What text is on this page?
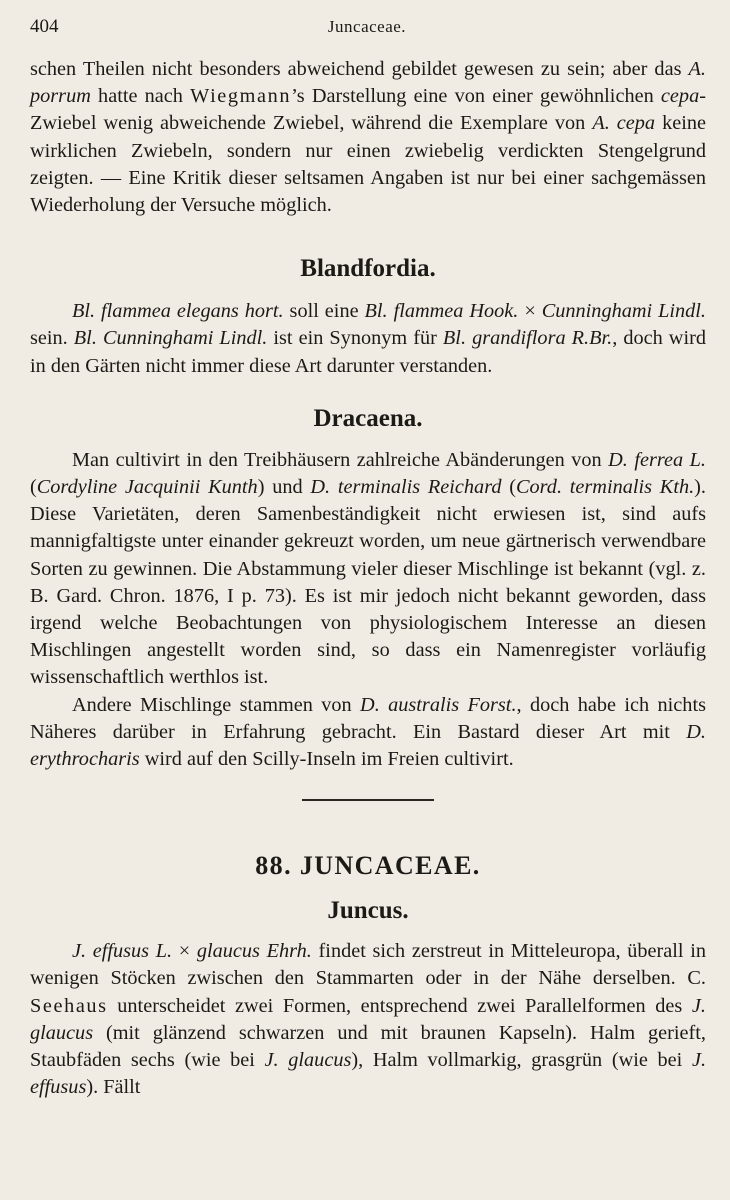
404	Juncaceae.

schen Theilen nicht besonders abweichend gebildet gewesen zu sein; aber das A. porrum hatte nach Wiegmann’s Darstellung eine von einer gewöhnlichen cepa-Zwiebel wenig abweichende Zwiebel, während die Exemplare von A. cepa keine wirklichen Zwiebeln, sondern nur einen zwiebelig verdickten Stengelgrund zeigten. — Eine Kritik dieser seltsamen Angaben ist nur bei einer sachgemässen Wiederholung der Versuche möglich.

Blandfordia.

Bl. flammea elegans hort. soll eine Bl. flammea Hook. × Cunninghami Lindl. sein. Bl. Cunninghami Lindl. ist ein Synonym für Bl. grandiflora R.Br., doch wird in den Gärten nicht immer diese Art darunter verstanden.

Dracaena.

Man cultivirt in den Treibhäusern zahlreiche Abänderungen von D. ferrea L. (Cordyline Jacquinii Kunth) und D. terminalis Reichard (Cord. terminalis Kth.). Diese Varietäten, deren Samenbeständigkeit nicht erwiesen ist, sind aufs mannigfaltigste unter einander gekreuzt worden, um neue gärtnerisch verwendbare Sorten zu gewinnen. Die Abstammung vieler dieser Mischlinge ist bekannt (vgl. z. B. Gard. Chron. 1876, I p. 73). Es ist mir jedoch nicht bekannt geworden, dass irgend welche Beobachtungen von physiologischem Interesse an diesen Mischlingen angestellt worden sind, so dass ein Namenregister vorläufig wissenschaftlich werthlos ist.

Andere Mischlinge stammen von D. australis Forst., doch habe ich nichts Näheres darüber in Erfahrung gebracht. Ein Bastard dieser Art mit D. erythrocharis wird auf den Scilly-Inseln im Freien cultivirt.

88. JUNCACEAE.
Juncus.

J. effusus L. × glaucus Ehrh. findet sich zerstreut in Mitteleuropa, überall in wenigen Stöcken zwischen den Stammarten oder in der Nähe derselben. C. Seehaus unterscheidet zwei Formen, entsprechend zwei Parallelformen des J. glaucus (mit glänzend schwarzen und mit braunen Kapseln). Halm gerieft, Staubfäden sechs (wie bei J. glaucus), Halm vollmarkig, grasgrün (wie bei J. effusus). Fällt
